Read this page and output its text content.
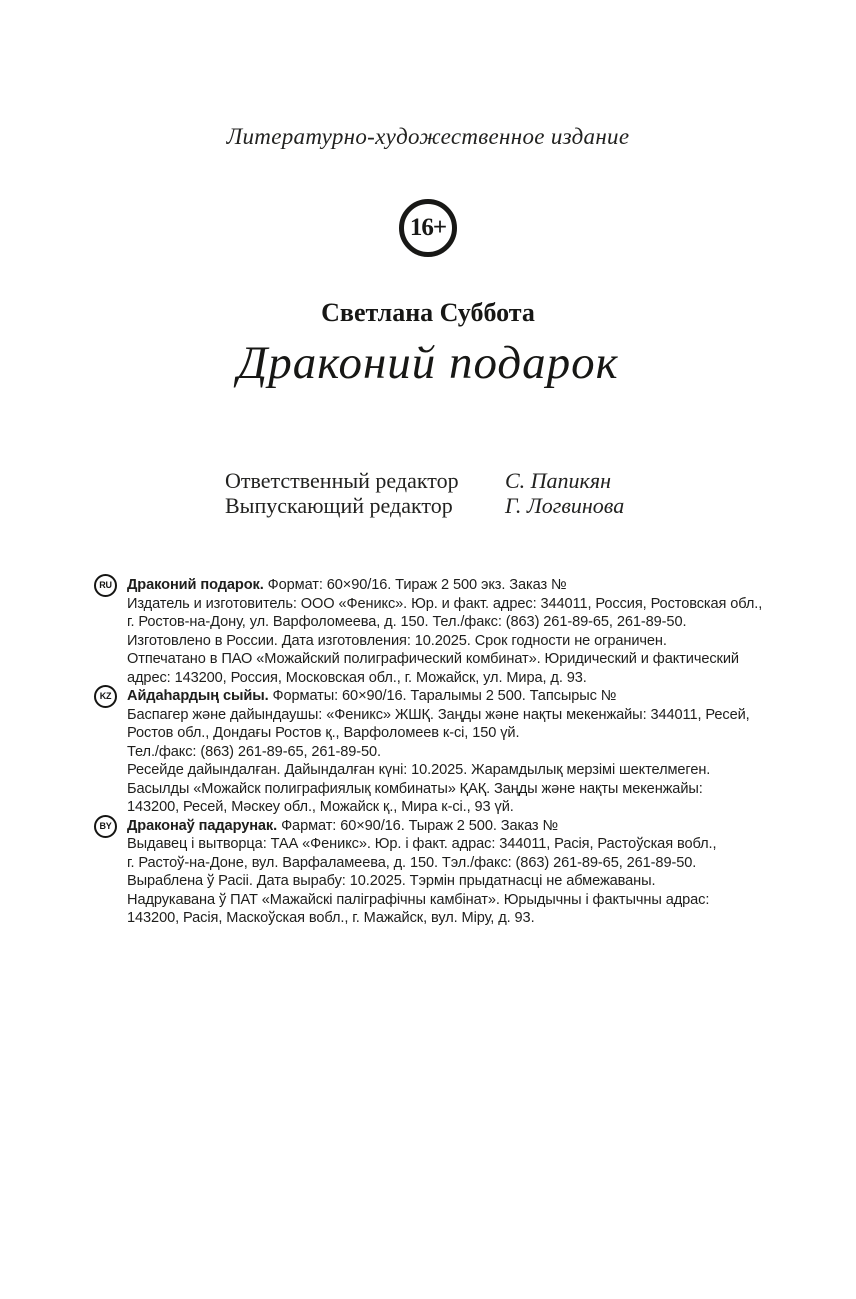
Литературно-художественное издание
16+
Светлана Суббота
Драконий подарок
Ответственный редактор	С. Папикян
Выпускающий редактор	Г. Логвинова
RU	Драконий подарок. Формат: 60×90/16. Тираж 2 500 экз. Заказ №
Издатель и изготовитель: ООО «Феникс». Юр. и факт. адрес: 344011, Россия, Ростовская обл.,
г. Ростов-на-Дону, ул. Варфоломеева, д. 150. Тел./факс: (863) 261-89-65, 261-89-50.
Изготовлено в России. Дата изготовления: 10.2025. Срок годности не ограничен.
Отпечатано в ПАО «Можайский полиграфический комбинат». Юридический и фактический
адрес: 143200, Россия, Московская обл., г. Можайск, ул. Мира, д. 93.
KZ	Айдаһардың сыйы. Форматы: 60×90/16. Таралымы 2 500. Тапсырыс №
Баспагер және дайындаушы: «Феникс» ЖШҚ. Заңды және нақты мекенжайы: 344011, Ресей,
Ростов обл., Дондағы Ростов қ., Варфоломеев к-сі, 150 үй.
Тел./факс: (863) 261-89-65, 261-89-50.
Ресейде дайындалған. Дайындалған күні: 10.2025. Жарамдылық мерзімі шектелмеген.
Басылды «Можайск полиграфиялық комбинаты» ҚАҚ. Заңды және нақты мекенжайы:
143200, Ресей, Мәскеу обл., Можайск қ., Мира к-сі., 93 үй.
BY	Драконаў падарунак. Фармат: 60×90/16. Тыраж 2 500. Заказ №
Выдавец і вытворца: ТАА «Феникс». Юр. і факт. адрас: 344011, Расія, Растоўская вобл.,
г. Растоў-на-Доне, вул. Варфаламеева, д. 150. Тэл./факс: (863) 261-89-65, 261-89-50.
Выраблена ў Расіі. Дата вырабу: 10.2025. Тэрмін прыдатнасці не абмежаваны.
Надрукавана ў ПАТ «Мажайскі паліграфічны камбінат». Юрыдычны і фактычны адрас:
143200, Расія, Маскоўская вобл., г. Мажайск, вул. Міру, д. 93.
